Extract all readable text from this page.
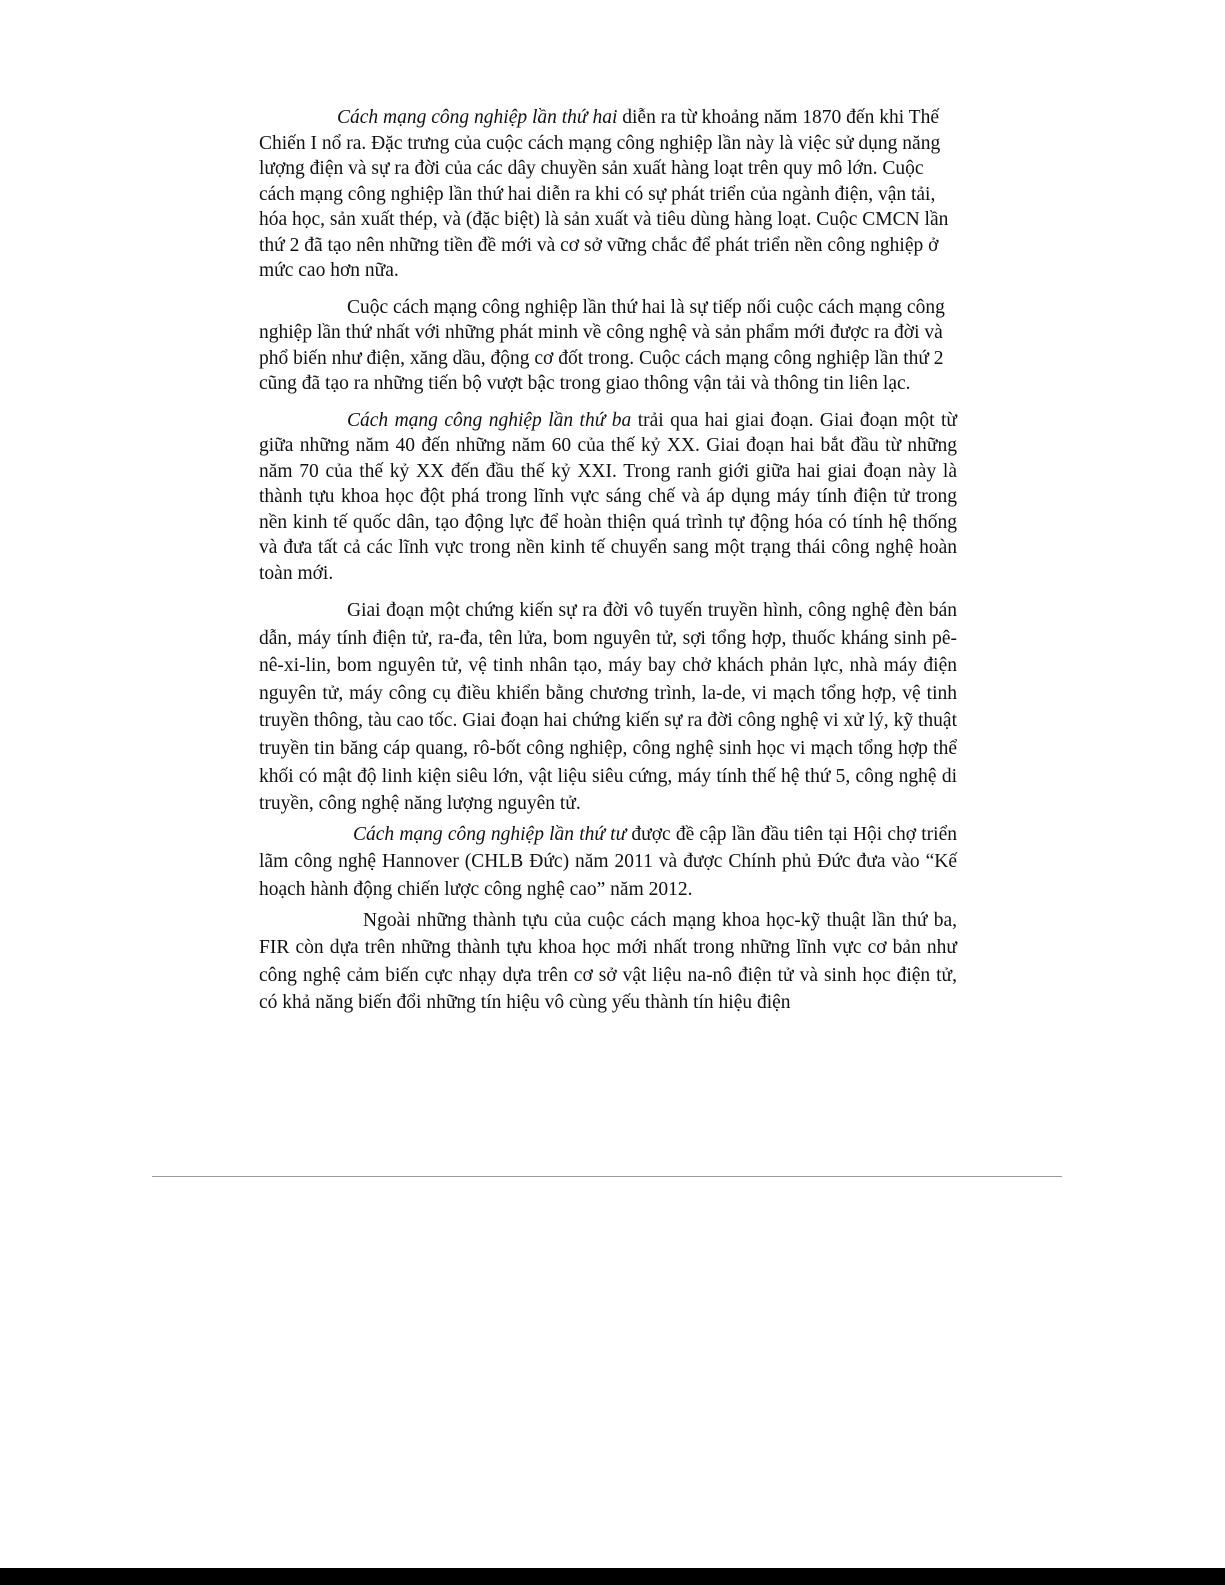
Cách mạng công nghiệp lần thứ hai diễn ra từ khoảng năm 1870 đến khi Thế Chiến I nổ ra. Đặc trưng của cuộc cách mạng công nghiệp lần này là việc sử dụng năng lượng điện và sự ra đời của các dây chuyền sản xuất hàng loạt trên quy mô lớn. Cuộc cách mạng công nghiệp lần thứ hai diễn ra khi có sự phát triển của ngành điện, vận tải, hóa học, sản xuất thép, và (đặc biệt) là sản xuất và tiêu dùng hàng loạt. Cuộc CMCN lần thứ 2 đã tạo nên những tiền đề mới và cơ sở vững chắc để phát triển nền công nghiệp ở mức cao hơn nữa.

Cuộc cách mạng công nghiệp lần thứ hai là sự tiếp nối cuộc cách mạng công nghiệp lần thứ nhất với những phát minh về công nghệ và sản phẩm mới được ra đời và phổ biến như điện, xăng dầu, động cơ đốt trong. Cuộc cách mạng công nghiệp lần thứ 2 cũng đã tạo ra những tiến bộ vượt bậc trong giao thông vận tải và thông tin liên lạc.

Cách mạng công nghiệp lần thứ ba trải qua hai giai đoạn. Giai đoạn một từ giữa những năm 40 đến những năm 60 của thế kỷ XX. Giai đoạn hai bắt đầu từ những năm 70 của thế kỷ XX đến đầu thế kỷ XXI. Trong ranh giới giữa hai giai đoạn này là thành tựu khoa học đột phá trong lĩnh vực sáng chế và áp dụng máy tính điện tử trong nền kinh tế quốc dân, tạo động lực để hoàn thiện quá trình tự động hóa có tính hệ thống và đưa tất cả các lĩnh vực trong nền kinh tế chuyển sang một trạng thái công nghệ hoàn toàn mới.

Giai đoạn một chứng kiến sự ra đời vô tuyến truyền hình, công nghệ đèn bán dẫn, máy tính điện tử, ra-đa, tên lửa, bom nguyên tử, sợi tổng hợp, thuốc kháng sinh pê-nê-xi-lin, bom nguyên tử, vệ tinh nhân tạo, máy bay chở khách phản lực, nhà máy điện nguyên tử, máy công cụ điều khiển bằng chương trình, la-de, vi mạch tổng hợp, vệ tinh truyền thông, tàu cao tốc. Giai đoạn hai chứng kiến sự ra đời công nghệ vi xử lý, kỹ thuật truyền tin băng cáp quang, rô-bốt công nghiệp, công nghệ sinh học vi mạch tổng hợp thể khối có mật độ linh kiện siêu lớn, vật liệu siêu cứng, máy tính thế hệ thứ 5, công nghệ di truyền, công nghệ năng lượng nguyên tử.

Cách mạng công nghiệp lần thứ tư được đề cập lần đầu tiên tại Hội chợ triển lãm công nghệ Hannover (CHLB Đức) năm 2011 và được Chính phủ Đức đưa vào “Kế hoạch hành động chiến lược công nghệ cao” năm 2012.

Ngoài những thành tựu của cuộc cách mạng khoa học-kỹ thuật lần thứ ba, FIR còn dựa trên những thành tựu khoa học mới nhất trong những lĩnh vực cơ bản như công nghệ cảm biến cực nhạy dựa trên cơ sở vật liệu na-nô điện tử và sinh học điện tử, có khả năng biến đổi những tín hiệu vô cùng yếu thành tín hiệu điện
